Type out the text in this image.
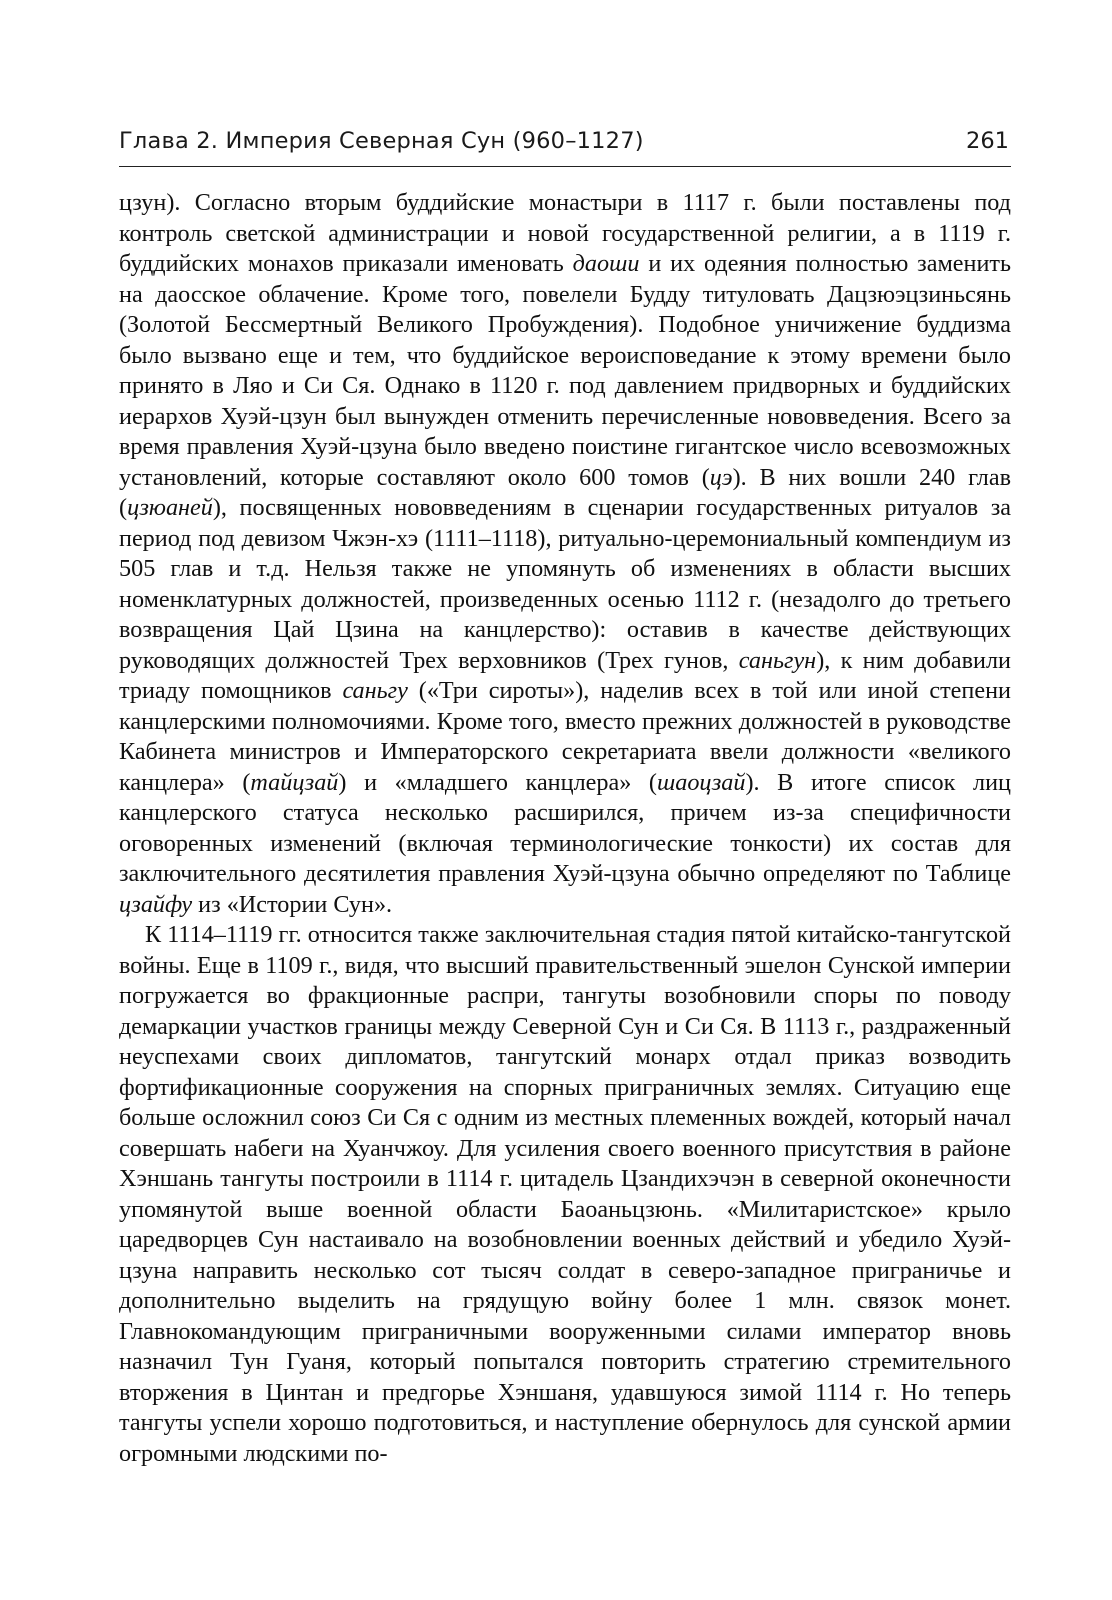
Глава 2. Империя Северная Сун (960–1127)	261

цзун). Согласно вторым буддийские монастыри в 1117 г. были поставлены под контроль светской администрации и новой государственной религии, а в 1119 г. буддийских монахов приказали именовать даоши и их одеяния полностью заменить на даосское облачение. Кроме того, повелели Будду титуловать Дацзюэцзиньсянь (Золотой Бессмертный Великого Пробуждения). Подобное уничижение буддизма было вызвано еще и тем, что буддийское вероисповедание к этому времени было принято в Ляо и Си Ся. Однако в 1120 г. под давлением придворных и буддийских иерархов Хуэй-цзун был вынужден отменить перечисленные нововведения. Всего за время правления Хуэй-цзуна было введено поистине гигантское число всевозможных установлений, которые составляют около 600 томов (цэ). В них вошли 240 глав (цзюаней), посвященных нововведениям в сценарии государственных ритуалов за период под девизом Чжэн-хэ (1111–1118), ритуально-церемониальный компендиум из 505 глав и т.д. Нельзя также не упомянуть об изменениях в области высших номенклатурных должностей, произведенных осенью 1112 г. (незадолго до третьего возвращения Цай Цзина на канцлерство): оставив в качестве действующих руководящих должностей Трех верховников (Трех гунов, саньгун), к ним добавили триаду помощников саньгу («Три сироты»), наделив всех в той или иной степени канцлерскими полномочиями. Кроме того, вместо прежних должностей в руководстве Кабинета министров и Императорского секретариата ввели должности «великого канцлера» (тайцзай) и «младшего канцлера» (шаоцзай). В итоге список лиц канцлерского статуса несколько расширился, причем из-за специфичности оговоренных изменений (включая терминологические тонкости) их состав для заключительного десятилетия правления Хуэй-цзуна обычно определяют по Таблице цзайфу из «Истории Сун».

К 1114–1119 гг. относится также заключительная стадия пятой китайско-тангутской войны. Еще в 1109 г., видя, что высший правительственный эшелон Сунской империи погружается во фракционные распри, тангуты возобновили споры по поводу демаркации участков границы между Северной Сун и Си Ся. В 1113 г., раздраженный неуспехами своих дипломатов, тангутский монарх отдал приказ возводить фортификационные сооружения на спорных приграничных землях. Ситуацию еще больше осложнил союз Си Ся с одним из местных племенных вождей, который начал совершать набеги на Хуанчжоу. Для усиления своего военного присутствия в районе Хэншань тангуты построили в 1114 г. цитадель Цзандихэчэн в северной оконечности упомянутой выше военной области Баоаньцзюнь. «Милитаристское» крыло царедворцев Сун настаивало на возобновлении военных действий и убедило Хуэй-цзуна направить несколько сот тысяч солдат в северо-западное приграничье и дополнительно выделить на грядущую войну более 1 млн. связок монет. Главнокомандующим приграничными вооруженными силами император вновь назначил Тун Гуаня, который попытался повторить стратегию стремительного вторжения в Цинтан и предгорье Хэншаня, удавшуюся зимой 1114 г. Но теперь тангуты успели хорошо подготовиться, и наступление обернулось для сунской армии огромными людскими по-
